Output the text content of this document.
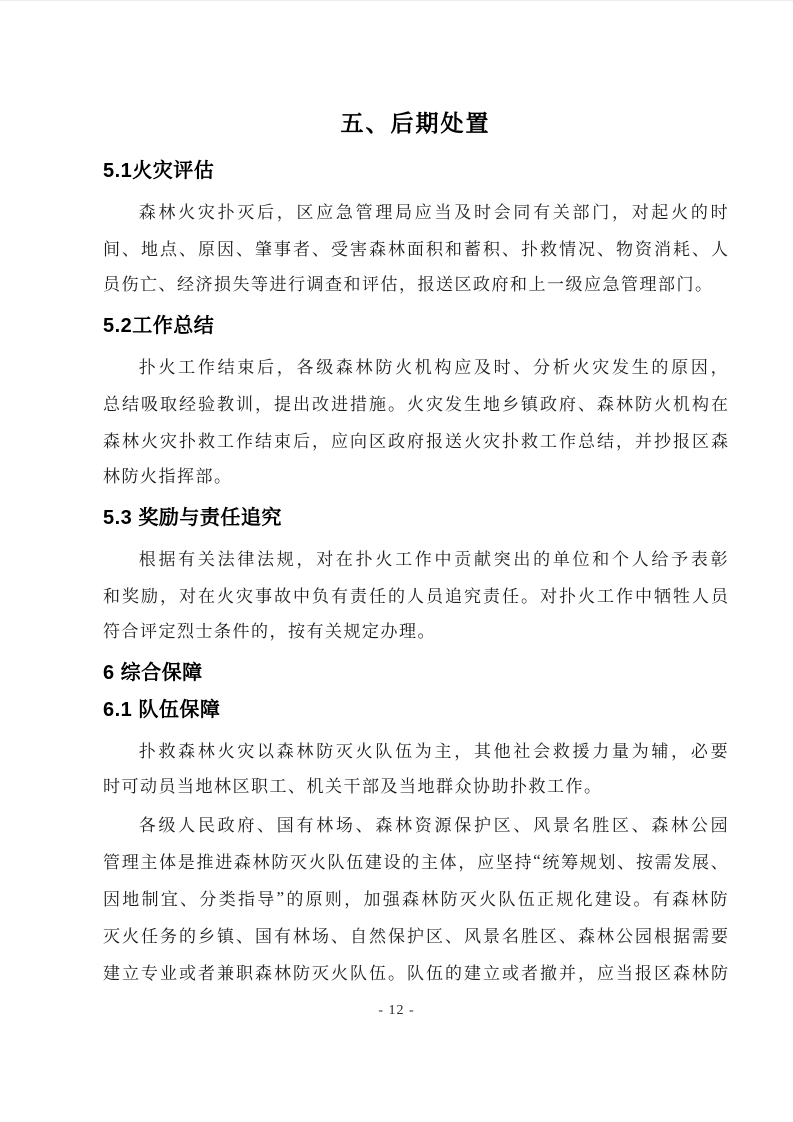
五、后期处置
5.1火灾评估
森 林 火 灾 扑 灭 后 ， 区 应 急 管 理 局 应 当 及 时 会 同 有 关 部 门 ， 对 起 火 的 时
间 、 地 点 、 原 因 、 肇 事 者 、 受 害 森 林 面 积 和 蓄 积 、 扑 救 情 况 、 物 资 消 耗 、 人
员伤亡、经济损失等进行调查和评估，报送区政府和上一级应急管理部门。
5.2工作总结
扑 火 工 作 结 束 后 ， 各 级 森 林 防 火 机 构 应 及 时 、 分 析 火 灾 发 生 的 原 因 ，
总 结 吸 取 经 验 教 训 ， 提 出 改 进 措 施 。 火 灾 发 生 地 乡 镇 政 府 、 森 林 防 火 机 构 在
森 林 火 灾 扑 救 工 作 结 束 后 ， 应 向 区 政 府 报 送 火 灾 扑 救 工 作 总 结 ， 并 抄 报 区 森
林防火指挥部。
5.3 奖励与责任追究
根 据 有 关 法 律 法 规 ， 对 在 扑 火 工 作 中 贡 献 突 出 的 单 位 和 个 人 给 予 表 彰
和 奖 励 ， 对 在 火 灾 事 故 中 负 有 责 任 的 人 员 追 究 责 任 。 对 扑 火 工 作 中 牺 牲 人 员
符合评定烈士条件的，按有关规定办理。
6 综合保障
6.1 队伍保障
扑 救 森 林 火 灾 以 森 林 防 灭 火 队 伍 为 主 ， 其 他 社 会 救 援 力 量 为 辅 ， 必 要
时可动员当地林区职工、机关干部及当地群众协助扑救工作。
各 级 人 民 政 府 、 国 有 林 场 、 森 林 资 源 保 护 区 、 风 景 名 胜 区 、 森 林 公 园
管 理 主 体 是 推 进 森 林 防 灭 火 队 伍 建 设 的 主 体 ， 应 坚 持 “ 统 筹 规 划 、 按 需 发 展 、
因 地 制 宜 、 分 类 指 导 ” 的 原 则 ， 加 强 森 林 防 灭 火 队 伍 正 规 化 建 设 。 有 森 林 防
灭 火 任 务 的 乡 镇 、 国 有 林 场 、 自 然 保 护 区 、 风 景 名 胜 区 、 森 林 公 园 根 据 需 要
建 立 专 业 或 者 兼 职 森 林 防 灭 火 队 伍 。 队 伍 的 建 立 或 者 撤 并 ， 应 当 报 区 森 林 防
- 12 -
